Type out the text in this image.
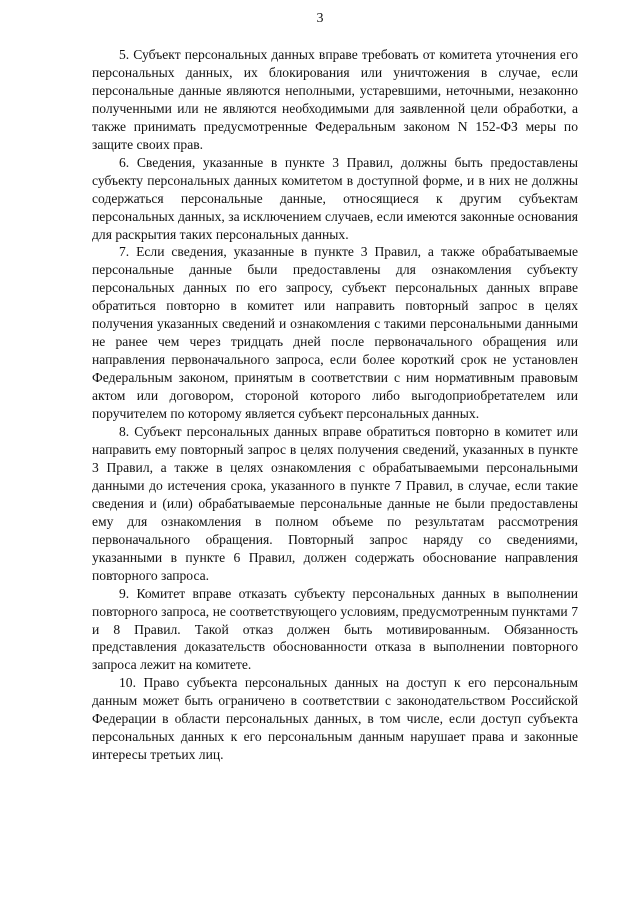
3

5. Субъект персональных данных вправе требовать от комитета уточнения его персональных данных, их блокирования или уничтожения в случае, если персональные данные являются неполными, устаревшими, неточными, незаконно полученными или не являются необходимыми для заявленной цели обработки, а также принимать предусмотренные Федеральным законом N 152-ФЗ меры по защите своих прав.

6. Сведения, указанные в пункте 3 Правил, должны быть предоставлены субъекту персональных данных комитетом в доступной форме, и в них не должны содержаться персональные данные, относящиеся к другим субъектам персональных данных, за исключением случаев, если имеются законные основания для раскрытия таких персональных данных.

7. Если сведения, указанные в пункте 3 Правил, а также обрабатываемые персональные данные были предоставлены для ознакомления субъекту персональных данных по его запросу, субъект персональных данных вправе обратиться повторно в комитет или направить повторный запрос в целях получения указанных сведений и ознакомления с такими персональными данными не ранее чем через тридцать дней после первоначального обращения или направления первоначального запроса, если более короткий срок не установлен Федеральным законом, принятым в соответствии с ним нормативным правовым актом или договором, стороной которого либо выгодоприобретателем или поручителем по которому является субъект персональных данных.

8. Субъект персональных данных вправе обратиться повторно в комитет или направить ему повторный запрос в целях получения сведений, указанных в пункте 3 Правил, а также в целях ознакомления с обрабатываемыми персональными данными до истечения срока, указанного в пункте 7 Правил, в случае, если такие сведения и (или) обрабатываемые персональные данные не были предоставлены ему для ознакомления в полном объеме по результатам рассмотрения первоначального обращения. Повторный запрос наряду со сведениями, указанными в пункте 6 Правил, должен содержать обоснование направления повторного запроса.

9. Комитет вправе отказать субъекту персональных данных в выполнении повторного запроса, не соответствующего условиям, предусмотренным пунктами 7 и 8 Правил. Такой отказ должен быть мотивированным. Обязанность представления доказательств обоснованности отказа в выполнении повторного запроса лежит на комитете.

10. Право субъекта персональных данных на доступ к его персональным данным может быть ограничено в соответствии с законодательством Российской Федерации в области персональных данных, в том числе, если доступ субъекта персональных данных к его персональным данным нарушает права и законные интересы третьих лиц.
